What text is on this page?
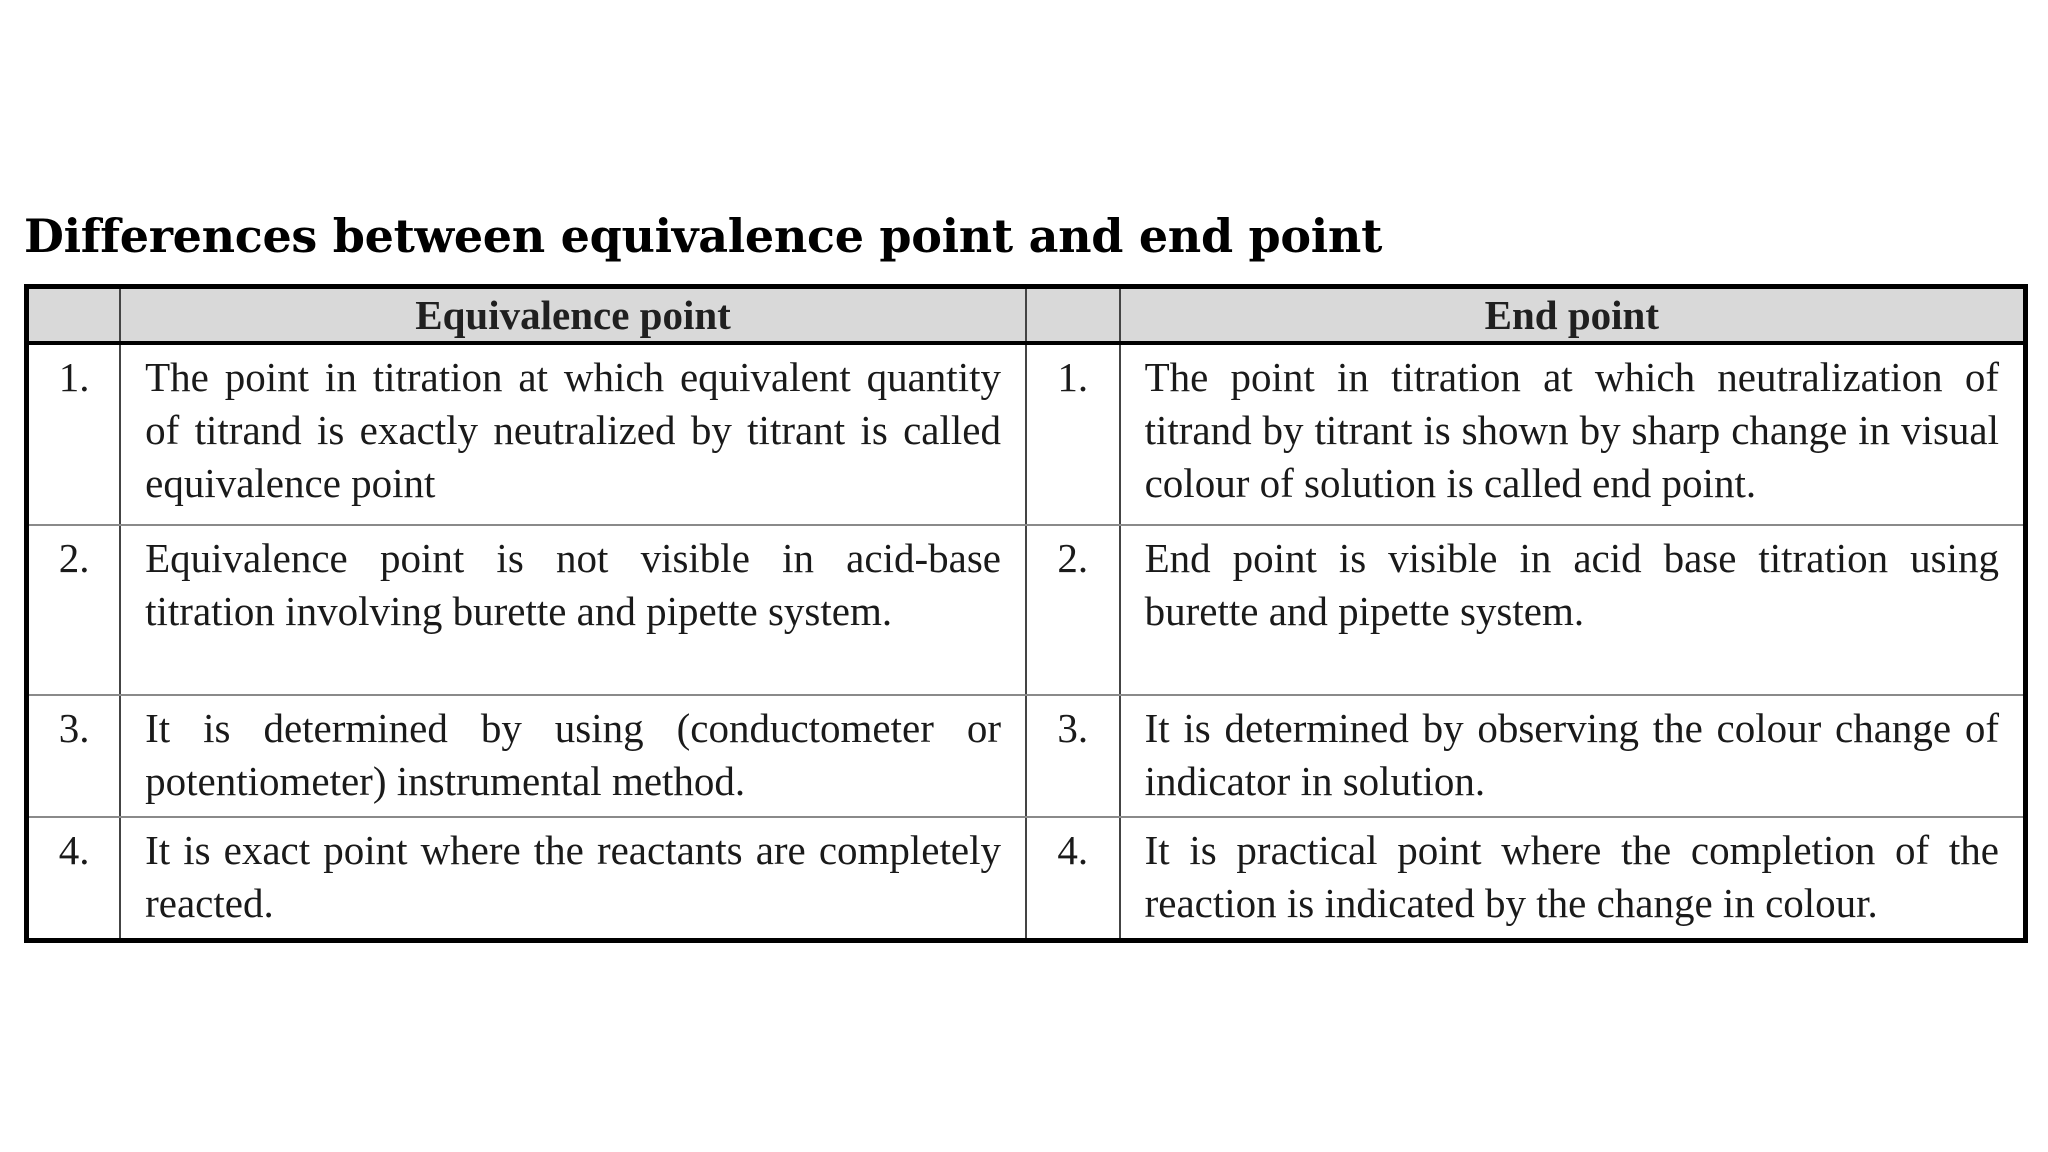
Differences between equivalence point and end point
	Equivalence point		End point
1.	The point in titration at which equivalent quantity of titrand is exactly neutralized by titrant is called equivalence point	1.	The point in titration at which neutralization of titrand by titrant is shown by sharp change in visual colour of solution is called end point.
2.	Equivalence point is not visible in acid-base titration involving burette and pipette system.	2.	End point is visible in acid base titration using burette and pipette system.
3.	It is determined by using (conductometer or potentiometer) instrumental method.	3.	It is determined by observing the colour change of indicator in solution.
4.	It is exact point where the reactants are completely reacted.	4.	It is practical point where the completion of the reaction is indicated by the change in colour.
